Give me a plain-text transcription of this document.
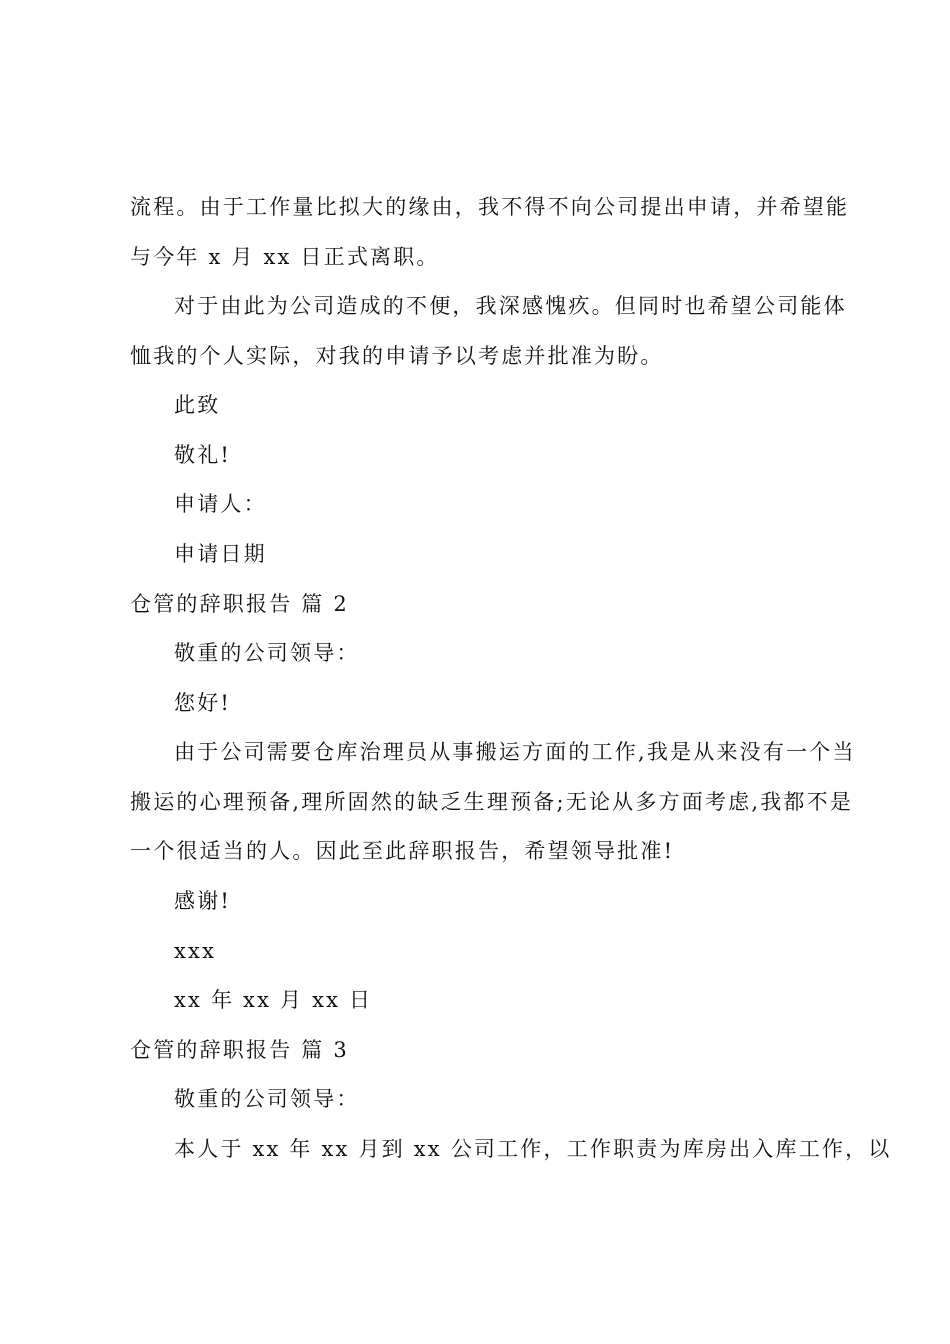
流程。由于工作量比拟大的缘由，我不得不向公司提出申请，并希望能
与今年 x 月 xx 日正式离职。
对于由此为公司造成的不便，我深感愧疚。但同时也希望公司能体
恤我的个人实际，对我的申请予以考虑并批准为盼。
此致
敬礼!
申请人：
申请日期
仓管的辞职报告 篇 2
敬重的公司领导：
您好!
由于公司需要仓库治理员从事搬运方面的工作,我是从来没有一个当
搬运的心理预备,理所固然的缺乏生理预备;无论从多方面考虑,我都不是
一个很适当的人。因此至此辞职报告，希望领导批准!
感谢!
xxx
xx 年 xx 月 xx 日
仓管的辞职报告 篇 3
敬重的公司领导：
本人于 xx 年 xx 月到 xx 公司工作，工作职责为库房出入库工作，以
